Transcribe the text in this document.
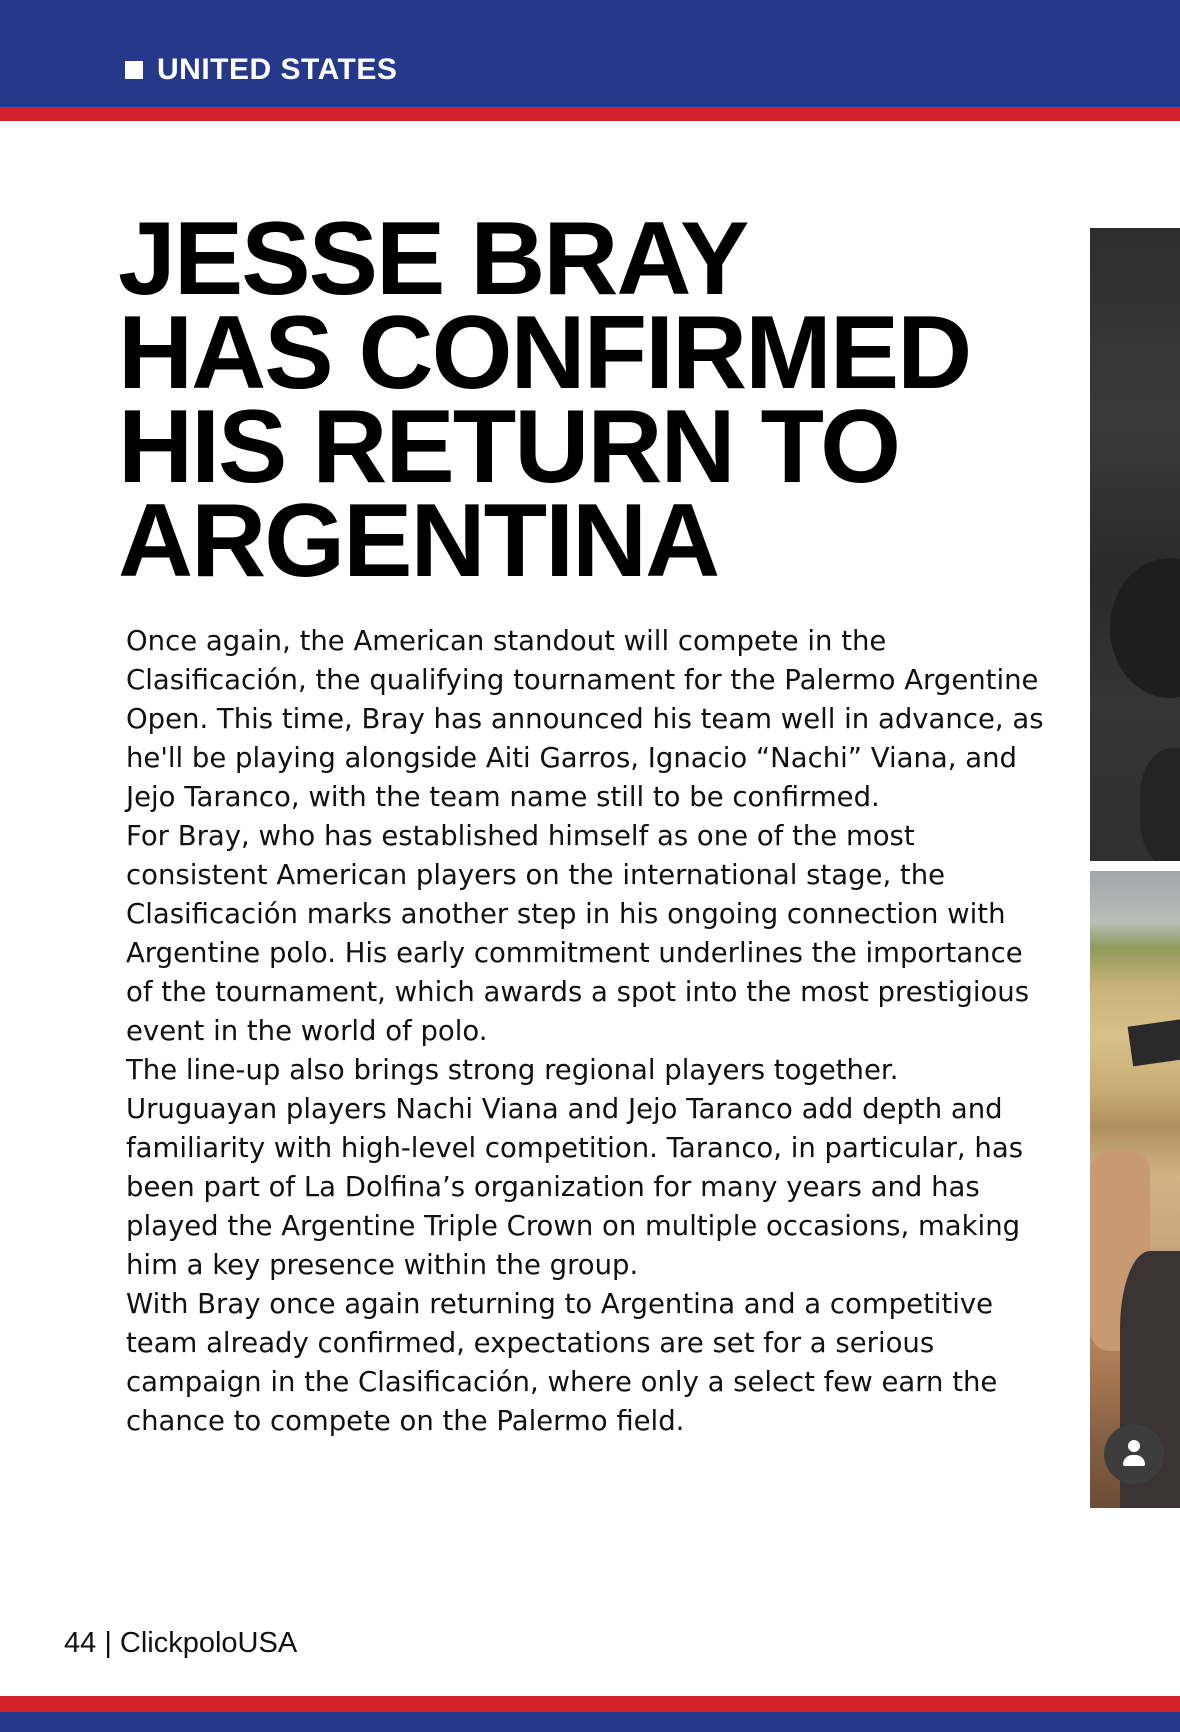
UNITED STATES
JESSE BRAY
HAS CONFIRMED
HIS RETURN TO
ARGENTINA

Once again, the American standout will compete in the Clasificación, the qualifying tournament for the Palermo Argentine Open. This time, Bray has announced his team well in advance, as he'll be playing alongside Aiti Garros, Ignacio “Nachi” Viana, and Jejo Taranco, with the team name still to be confirmed.

For Bray, who has established himself as one of the most consistent American players on the international stage, the Clasificación marks another step in his ongoing connection with Argentine polo. His early commitment underlines the importance of the tournament, which awards a spot into the most prestigious event in the world of polo.

The line-up also brings strong regional players together. Uruguayan players Nachi Viana and Jejo Taranco add depth and familiarity with high-level competition. Taranco, in particular, has been part of La Dolfina’s organization for many years and has played the Argentine Triple Crown on multiple occasions, making him a key presence within the group.

With Bray once again returning to Argentina and a competitive team already confirmed, expectations are set for a serious campaign in the Clasificación, where only a select few earn the chance to compete on the Palermo field.

44 | ClickpoloUSA
